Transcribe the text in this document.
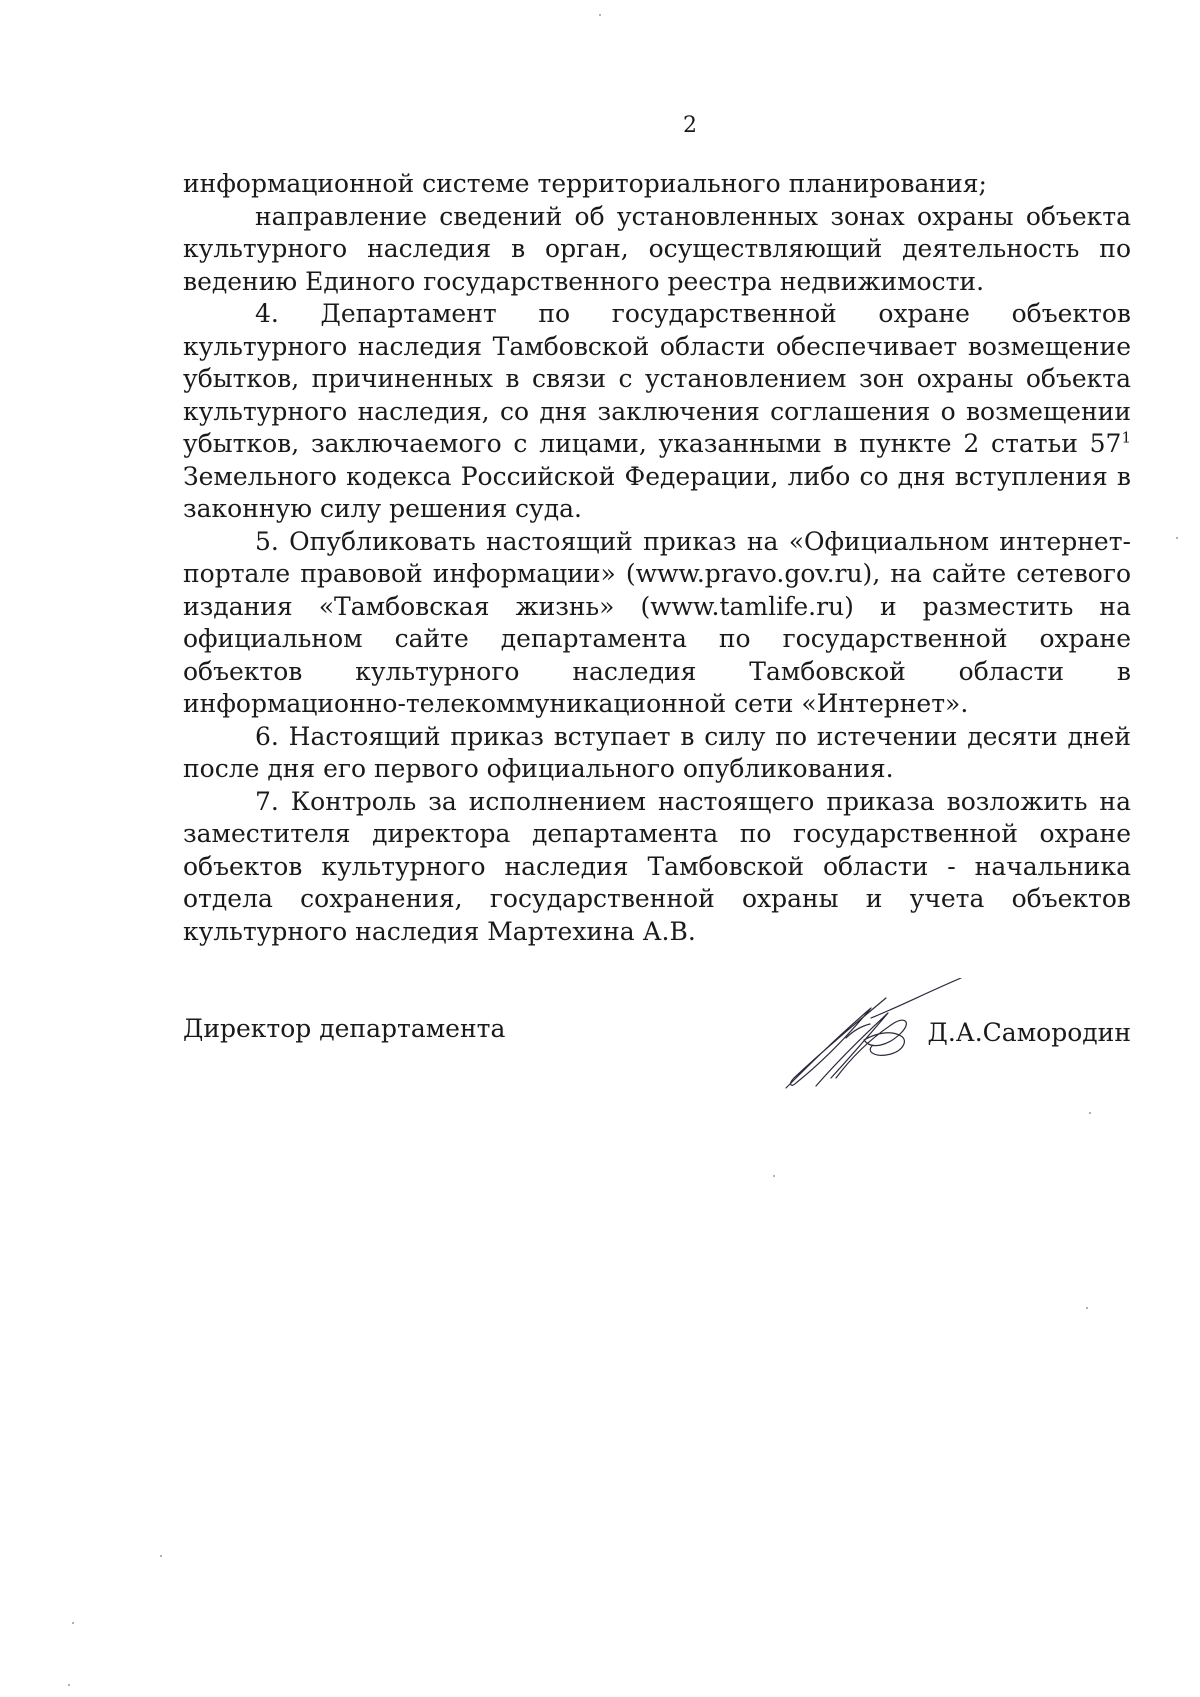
2

информационной системе территориального планирования;

направление сведений об установленных зонах охраны объекта культурного наследия в орган, осуществляющий деятельность по ведению Единого государственного реестра недвижимости.

4. Департамент по государственной охране объектов культурного наследия Тамбовской области обеспечивает возмещение убытков, причиненных в связи с установлением зон охраны объекта культурного наследия, со дня заключения соглашения о возмещении убытков, заключаемого с лицами, указанными в пункте 2 статьи $57^1$ Земельного кодекса Российской Федерации, либо со дня вступления в законную силу решения суда.

5. Опубликовать настоящий приказ на «Официальном интернет-портале правовой информации» (www.pravo.gov.ru), на сайте сетевого издания «Тамбовская жизнь» (www.tamlife.ru) и разместить на официальном сайте департамента по государственной охране объектов культурного наследия Тамбовской области в информационно-телекоммуникационной сети «Интернет».

6. Настоящий приказ вступает в силу по истечении десяти дней после дня его первого официального опубликования.

7. Контроль за исполнением настоящего приказа возложить на заместителя директора департамента по государственной охране объектов культурного наследия Тамбовской области - начальника отдела сохранения, государственной охраны и учета объектов культурного наследия Мартехина А.В.

Директор департамента	Д.А.Самородин
